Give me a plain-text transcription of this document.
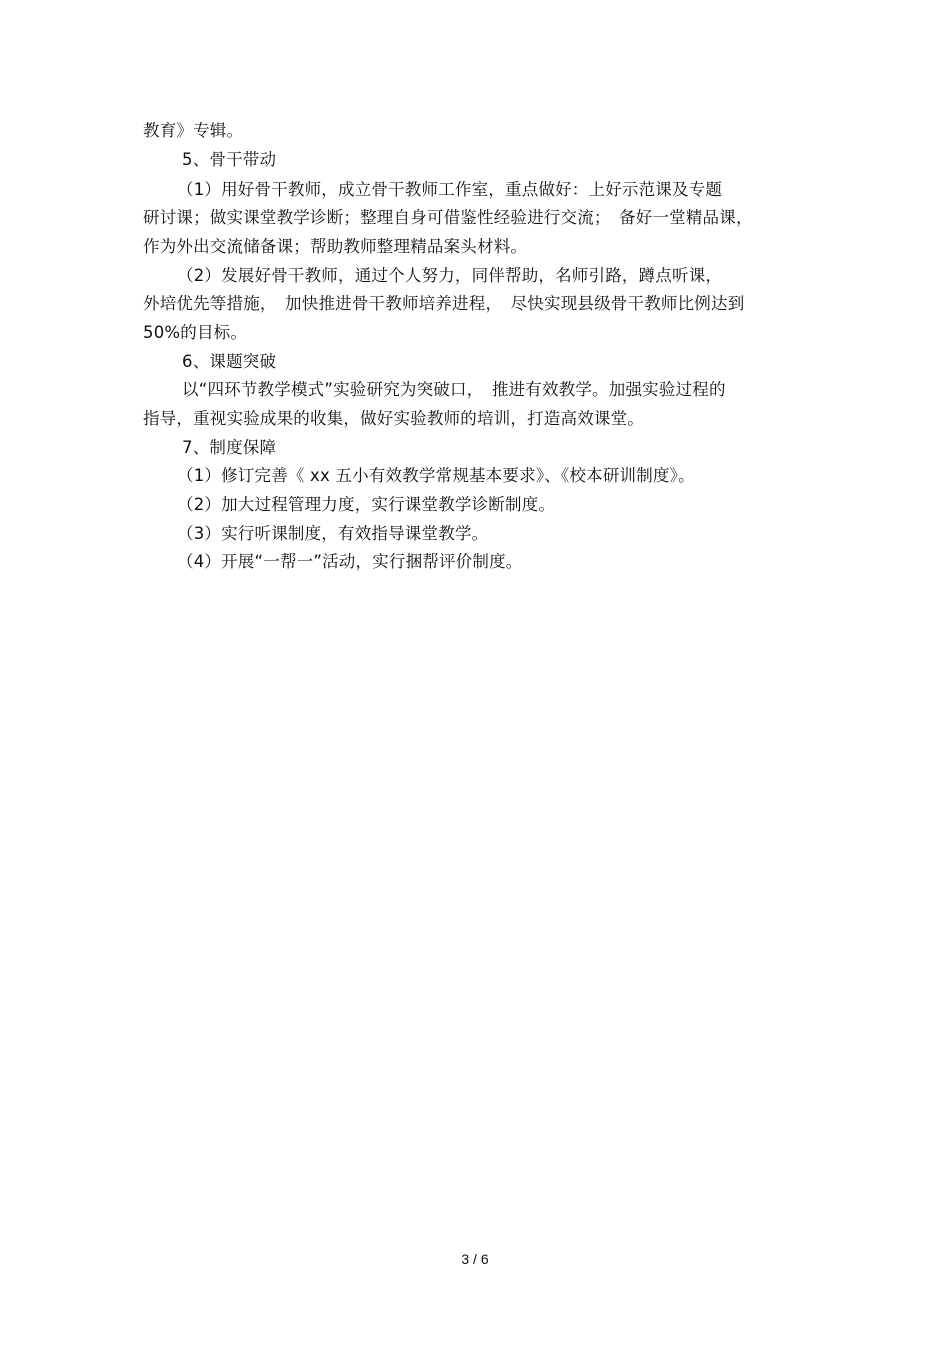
教育》专辑。
5、骨干带动
（1）用好骨干教师，成立骨干教师工作室，重点做好：上好示范课及专题
研讨课；做实课堂教学诊断；整理自身可借鉴性经验进行交流；　备好一堂精品课，
作为外出交流储备课；帮助教师整理精品案头材料。
（2）发展好骨干教师，通过个人努力，同伴帮助，名师引路，蹲点听课，
外培优先等措施，　加快推进骨干教师培养进程，　尽快实现县级骨干教师比例达到
50%的目标。
6、课题突破
以“四环节教学模式”实验研究为突破口，　推进有效教学。加强实验过程的
指导，重视实验成果的收集，做好实验教师的培训，打造高效课堂。
7、制度保障
（1）修订完善《 xx 五小有效教学常规基本要求》、《校本研训制度》。
（2）加大过程管理力度，实行课堂教学诊断制度。
（3）实行听课制度，有效指导课堂教学。
（4）开展“一帮一”活动，实行捆帮评价制度。
3 / 6
